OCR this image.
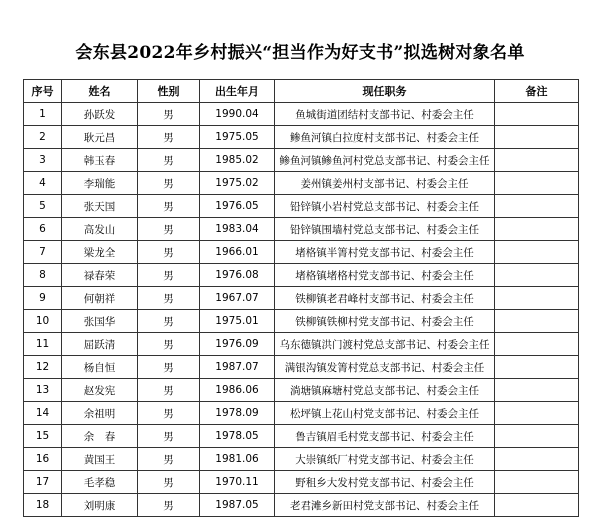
会东县2022年乡村振兴“担当作为好支书”拟选树对象名单
序号	姓名	性别	出生年月	现任职务	备注
1	孙跃发	男	1990.04	鱼城街道团结村支部书记、村委会主任	
2	耿元昌	男	1975.05	鲹鱼河镇白拉度村支部书记、村委会主任	
3	韩玉春	男	1985.02	鲹鱼河镇鲹鱼河村党总支部书记、村委会主任	
4	李瑞能	男	1975.02	姜州镇姜州村支部书记、村委会主任	
5	张天国	男	1976.05	铅锌镇小岩村党总支部书记、村委会主任	
6	高发山	男	1983.04	铅锌镇围墙村党总支部书记、村委会主任	
7	梁龙全	男	1966.01	堵格镇半箐村党支部书记、村委会主任	
8	禄春荣	男	1976.08	堵格镇堵格村党支部书记、村委会主任	
9	何朝祥	男	1967.07	铁柳镇老君峰村支部书记、村委会主任	
10	张国华	男	1975.01	铁柳镇铁柳村党支部书记、村委会主任	
11	屈跃清	男	1976.09	乌东德镇洪门渡村党总支部书记、村委会主任	
12	杨自恒	男	1987.07	满银沟镇发箐村党总支部书记、村委会主任	
13	赵发宪	男	1986.06	淌塘镇麻塘村党总支部书记、村委会主任	
14	余祖明	男	1978.09	松坪镇上花山村党支部书记、村委会主任	
15	余　春	男	1978.05	鲁吉镇眉毛村党支部书记、村委会主任	
16	黄国王	男	1981.06	大崇镇纸厂村党支部书记、村委会主任	
17	毛孝稳	男	1970.11	野租乡大发村党支部书记、村委会主任	
18	刘明康	男	1987.05	老君滩乡新田村党支部书记、村委会主任	
